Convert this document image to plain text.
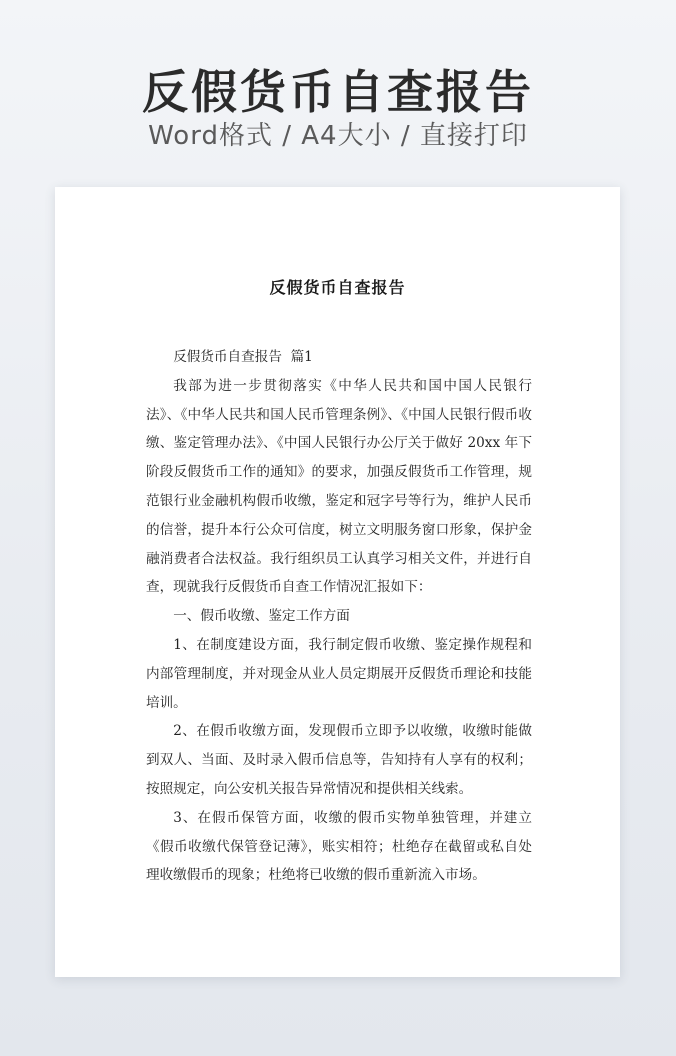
反假货币自查报告
Word格式 / A4大小 / 直接打印
反假货币自查报告

反假货币自查报告  篇1

我部为进一步贯彻落实《中华人民共和国中国人民银行法》、《中华人民共和国人民币管理条例》、《中国人民银行假币收缴、鉴定管理办法》、《中国人民银行办公厅关于做好 20xx 年下阶段反假货币工作的通知》的要求，加强反假货币工作管理，规范银行业金融机构假币收缴，鉴定和冠字号等行为，维护人民币的信誉，提升本行公众可信度，树立文明服务窗口形象，保护金融消费者合法权益。我行组织员工认真学习相关文件，并进行自查，现就我行反假货币自查工作情况汇报如下：

一、假币收缴、鉴定工作方面

1、在制度建设方面，我行制定假币收缴、鉴定操作规程和内部管理制度，并对现金从业人员定期展开反假货币理论和技能培训。

2、在假币收缴方面，发现假币立即予以收缴，收缴时能做到双人、当面、及时录入假币信息等，告知持有人享有的权利；按照规定，向公安机关报告异常情况和提供相关线索。

3、在假币保管方面，收缴的假币实物单独管理，并建立《假币收缴代保管登记薄》，账实相符；杜绝存在截留或私自处理收缴假币的现象；杜绝将已收缴的假币重新流入市场。
